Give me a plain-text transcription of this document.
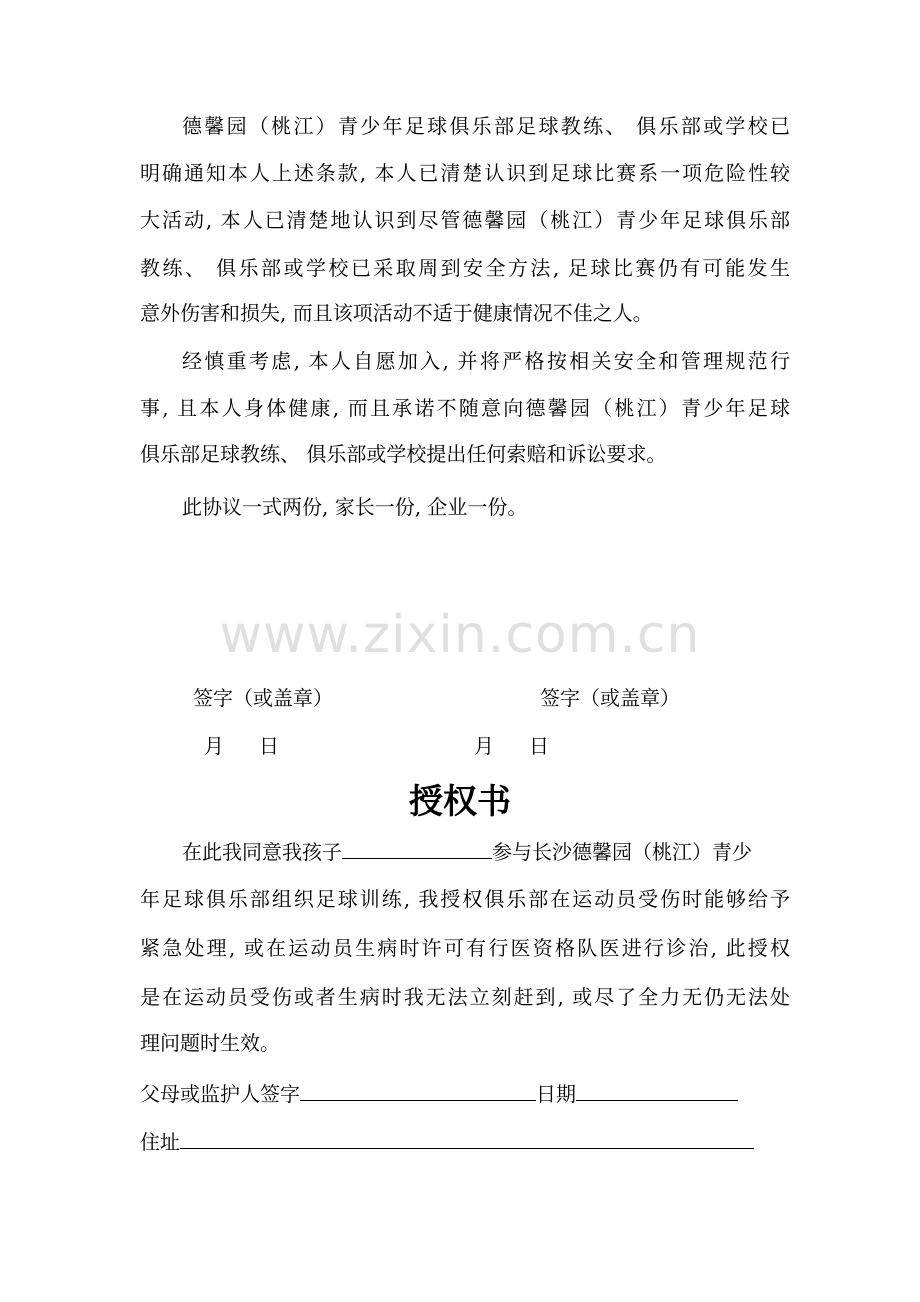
德馨园（桃江）青少年足球俱乐部足球教练、 俱乐部或学校已
明确通知本人上述条款, 本人已清楚认识到足球比赛系一项危险性较
大活动, 本人已清楚地认识到尽管德馨园（桃江）青少年足球俱乐部
教练、 俱乐部或学校已采取周到安全方法, 足球比赛仍有可能发生
意外伤害和损失, 而且该项活动不适于健康情况不佳之人。
经慎重考虑, 本人自愿加入, 并将严格按相关安全和管理规范行
事, 且本人身体健康, 而且承诺不随意向德馨园（桃江）青少年足球
俱乐部足球教练、 俱乐部或学校提出任何索赔和诉讼要求。
此协议一式两份, 家长一份, 企业一份。
www.zixin.com.cn
签字（或盖章）	签字（或盖章）
月 日	月 日
授权书
在此我同意我孩子	参与长沙德馨园（桃江）青少
年足球俱乐部组织足球训练, 我授权俱乐部在运动员受伤时能够给予
紧急处理, 或在运动员生病时许可有行医资格队医进行诊治, 此授权
是在运动员受伤或者生病时我无法立刻赶到, 或尽了全力无仍无法处
理问题时生效。
父母或监护人签字	日期
住址
